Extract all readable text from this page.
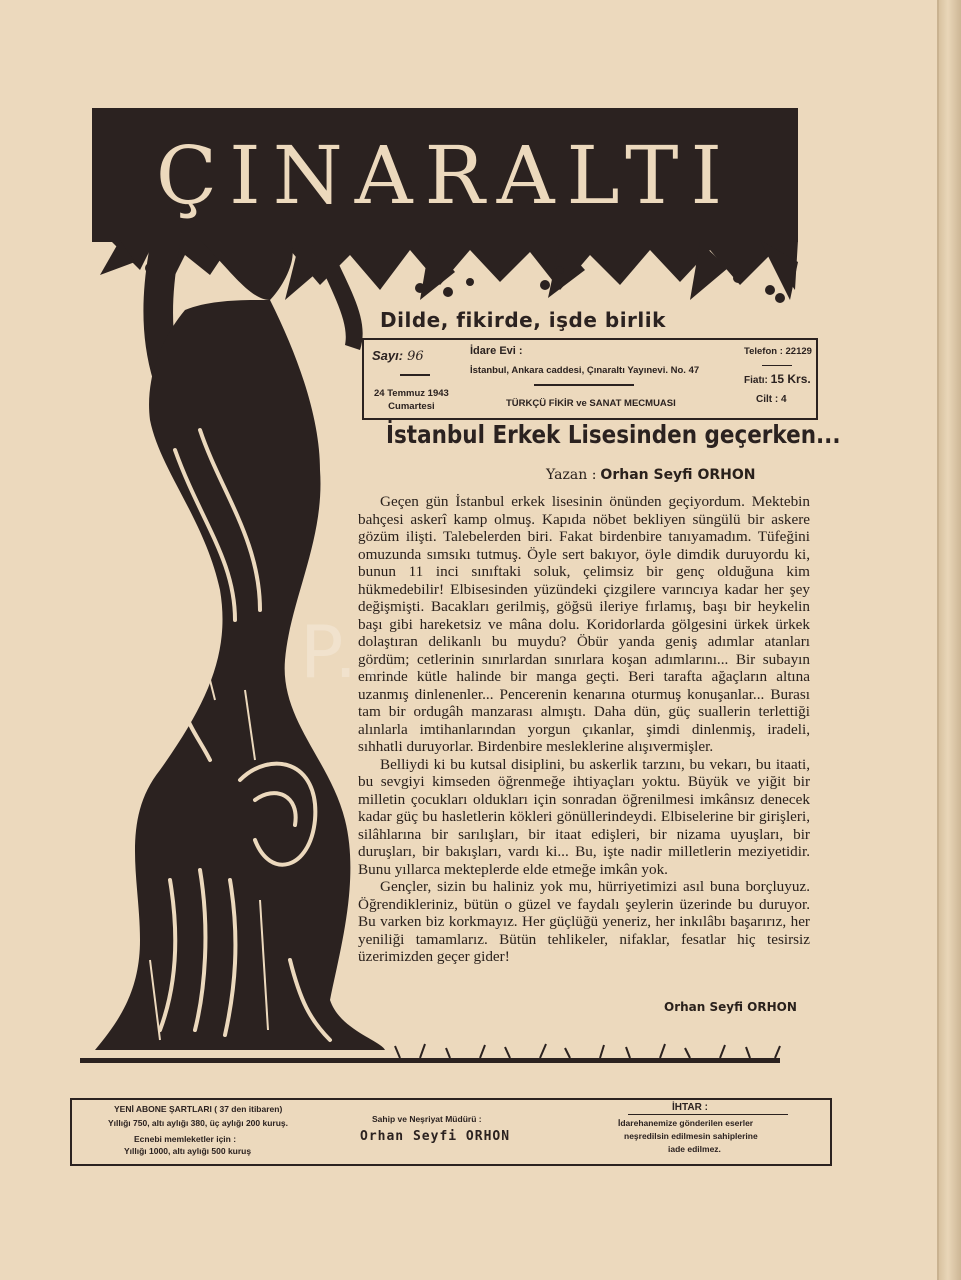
ÇINARALTI
Dilde, fikirde, işde birlik
Sayı: 96
24 Temmuz 1943
Cumartesi
İdare Evi :
İstanbul, Ankara caddesi, Çınaraltı Yayınevi. No. 47
TÜRKÇÜ FİKİR ve SANAT MECMUASI
Telefon : 22129
Fiatı: 15 Krs.
Cilt : 4
İstanbul Erkek Lisesinden geçerken...
Yazan : Orhan Seyfi ORHON

Geçen gün İstanbul erkek lisesinin önünden geçiyordum. Mektebin bahçesi askerî kamp olmuş. Kapıda nöbet bekliyen süngülü bir askere gözüm ilişti. Talebelerden biri. Fakat birdenbire tanıyamadım. Tüfeğini omuzunda sımsıkı tutmuş. Öyle sert bakıyor, öyle dimdik duruyordu ki, bunun 11 inci sınıftaki soluk, çelimsiz bir genç olduğuna kim hükmedebilir! Elbisesinden yüzündeki çizgilere varıncıya kadar her şey değişmişti. Bacakları gerilmiş, göğsü ileriye fırlamış, başı bir heykelin başı gibi hareketsiz ve mâna dolu. Koridorlarda gölgesini ürkek ürkek dolaştıran delikanlı bu muydu? Öbür yanda geniş adımlar atanları gördüm; cetlerinin sınırlardan sınırlara koşan adımlarını... Bir subayın emrinde kütle halinde bir manga geçti. Beri tarafta ağaçların altına uzanmış dinlenenler... Pencerenin kenarına oturmuş konuşanlar... Burası tam bir ordugâh manzarası almıştı. Daha dün, güç suallerin terlettiği alınlarla imtihanlarından yorgun çıkanlar, şimdi dinlenmiş, iradeli, sıhhatli duruyorlar. Birdenbire mesleklerine alışıvermişler.

Belliydi ki bu kutsal disiplini, bu askerlik tarzını, bu vekarı, bu itaati, bu sevgiyi kimseden öğrenmeğe ihtiyaçları yoktu. Büyük ve yiğit bir milletin çocukları oldukları için sonradan öğrenilmesi imkânsız denecek kadar güç bu hasletlerin kökleri gönüllerindeydi. Elbiselerine bir girişleri, silâhlarına bir sarılışları, bir itaat edişleri, bir nizama uyuşları, bir duruşları, bir bakışları, vardı ki... Bu, işte nadir milletlerin meziyetidir. Bunu yıllarca mekteplerde elde etmeğe imkân yok.

Gençler, sizin bu haliniz yok mu, hürriyetimizi asıl buna borçluyuz. Öğrendikleriniz, bütün o güzel ve faydalı şeylerin üzerinde bu duruyor. Bu varken biz korkmayız. Her güçlüğü yeneriz, her inkılâbı başarırız, her yeniliği tamamlarız. Bütün tehlikeler, nifaklar, fesatlar hiç tesirsiz üzerimizden geçer gider!

Orhan Seyfi ORHON
YENİ ABONE ŞARTLARI ( 37 den itibaren)
Yıllığı 750, altı aylığı 380, üç aylığı 200 kuruş.
Ecnebi memleketler için :
Yıllığı 1000, altı aylığı 500 kuruş
Sahip ve Neşriyat Müdürü :
Orhan Seyfi ORHON
İHTAR :
İdarehanemize gönderilen eserler
neşredilsin edilmesin sahiplerine
iade edilmez.
P...
